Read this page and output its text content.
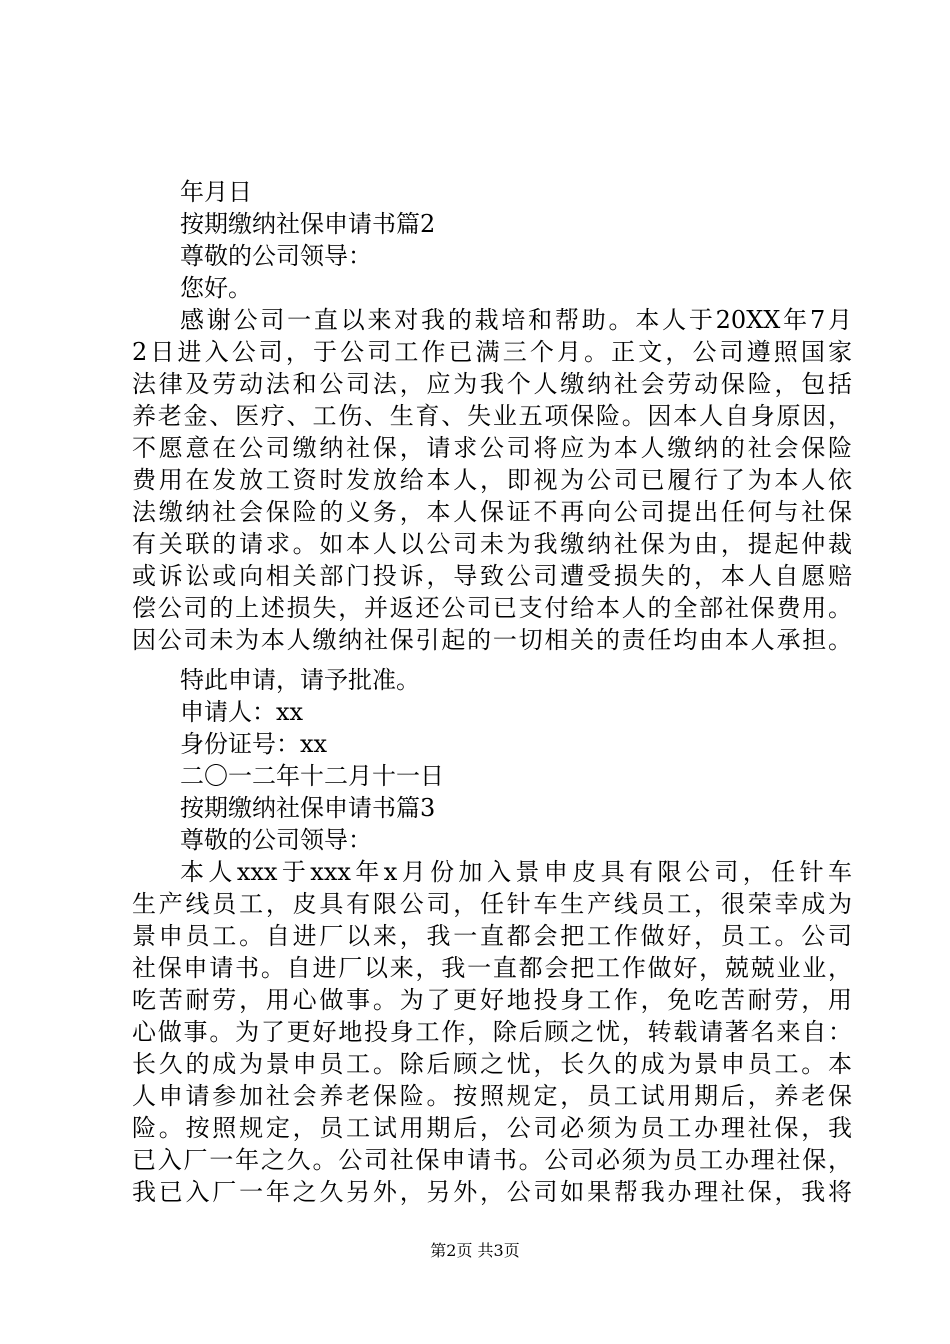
年月日
按期缴纳社保申请书篇2
尊敬的公司领导：
您好。
感谢公司一直以来对我的栽培和帮助。本人于20XX年7月
2日进入公司，于公司工作已满三个月。正文，公司遵照国家
法律及劳动法和公司法，应为我个人缴纳社会劳动保险，包括
养老金、医疗、工伤、生育、失业五项保险。因本人自身原因，
不愿意在公司缴纳社保，请求公司将应为本人缴纳的社会保险
费用在发放工资时发放给本人，即视为公司已履行了为本人依
法缴纳社会保险的义务，本人保证不再向公司提出任何与社保
有关联的请求。如本人以公司未为我缴纳社保为由，提起仲裁
或诉讼或向相关部门投诉，导致公司遭受损失的，本人自愿赔
偿公司的上述损失，并返还公司已支付给本人的全部社保费用。
因公司未为本人缴纳社保引起的一切相关的责任均由本人承担。
特此申请，请予批准。
申请人：xx
身份证号：xx
二〇一二年十二月十一日
按期缴纳社保申请书篇3
尊敬的公司领导：
本人xxx于xxx年x月份加入景申皮具有限公司，任针车
生产线员工，皮具有限公司，任针车生产线员工，很荣幸成为
景申员工。自进厂以来，我一直都会把工作做好，员工。公司
社保申请书。自进厂以来，我一直都会把工作做好，兢兢业业，
吃苦耐劳，用心做事。为了更好地投身工作，免吃苦耐劳，用
心做事。为了更好地投身工作，除后顾之忧，转载请著名来自：
长久的成为景申员工。除后顾之忧，长久的成为景申员工。本
人申请参加社会养老保险。按照规定，员工试用期后，养老保
险。按照规定，员工试用期后，公司必须为员工办理社保，我
已入厂一年之久。公司社保申请书。公司必须为员工办理社保，
我已入厂一年之久另外，另外，公司如果帮我办理社保，我将
第2页 共3页
